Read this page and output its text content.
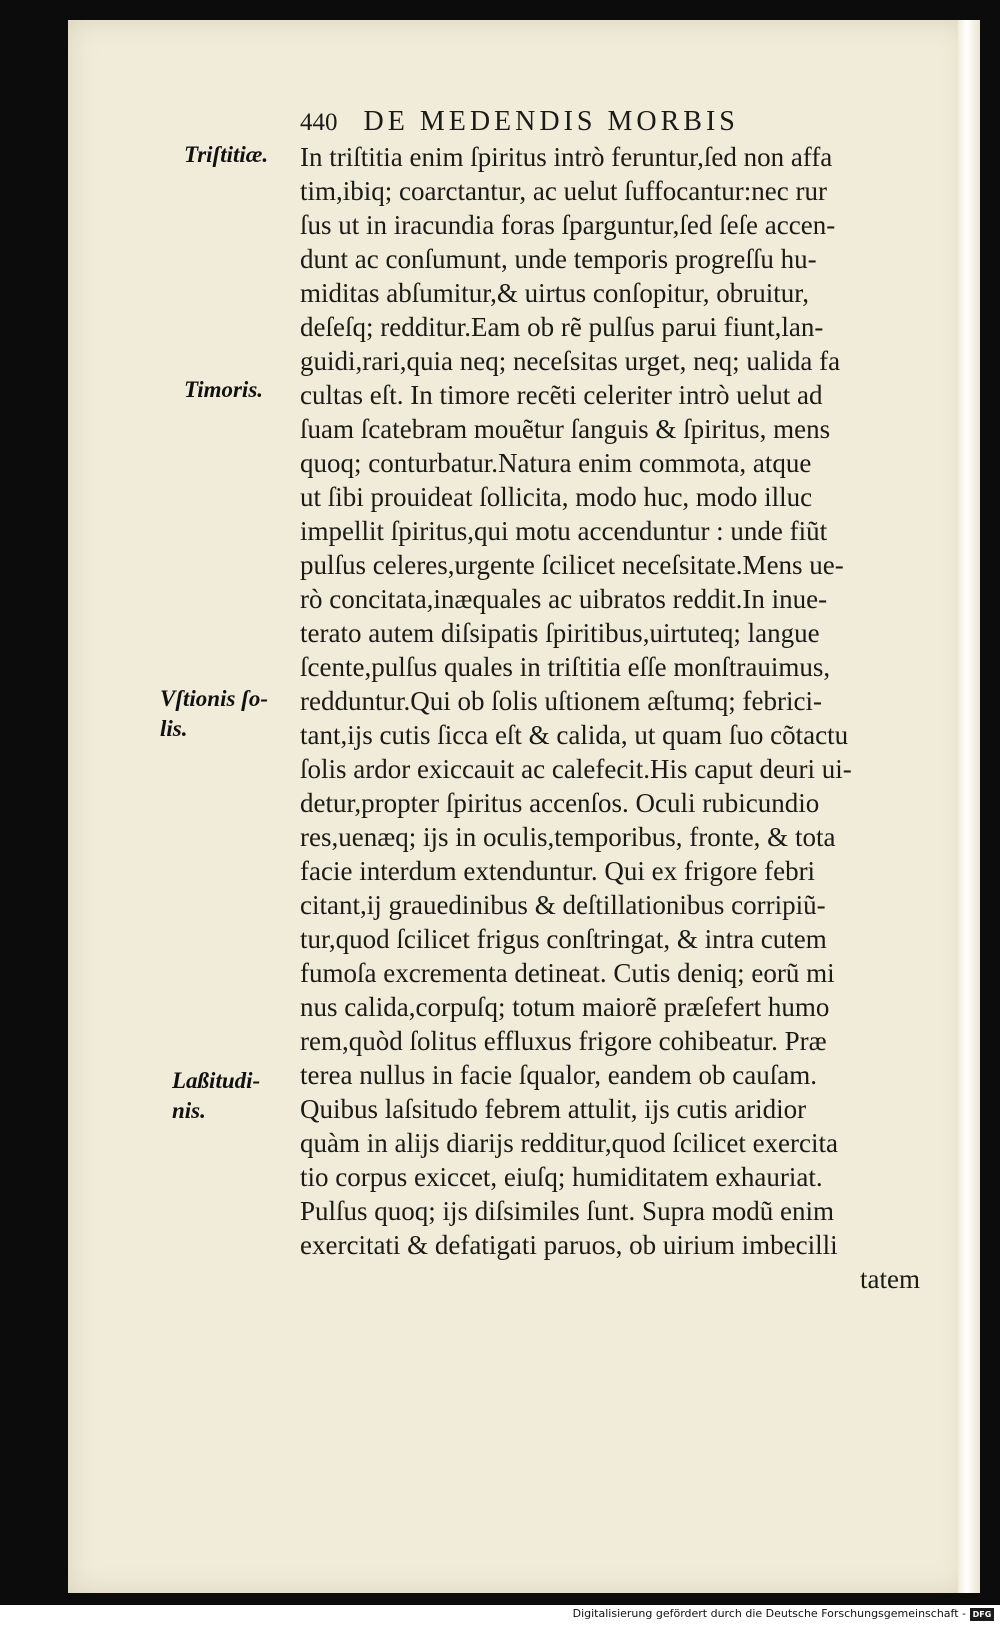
440 DE MEDENDIS MORBIS
Triſtitiæ.
Timoris.
Vſtionis ſo-
lis.
Laßitudi-
nis.
In triſtitia enim ſpiritus intrò feruntur,ſed non affa
tim,ibiq; coarctantur, ac uelut ſuffocantur:nec rur
ſus ut in iracundia foras ſparguntur,ſed ſeſe accen-
dunt ac conſumunt, unde temporis progreſſu hu-
miditas abſumitur,& uirtus conſopitur, obruitur,
deſeſq; redditur.Eam ob rẽ pulſus parui fiunt,lan-
guidi,rari,quia neq; neceſsitas urget, neq; ualida fa
cultas eſt. In timore recẽti celeriter intrò uelut ad
ſuam ſcatebram mouẽtur ſanguis & ſpiritus, mens
quoq; conturbatur.Natura enim commota, atque
ut ſibi prouideat ſollicita, modo huc, modo illuc
impellit ſpiritus,qui motu accenduntur : unde fiũt
pulſus celeres,urgente ſcilicet neceſsitate.Mens ue-
rò concitata,inæquales ac uibratos reddit.In inue-
terato autem diſsipatis ſpiritibus,uirtuteq; langue
ſcente,pulſus quales in triſtitia eſſe monſtrauimus,
redduntur.Qui ob ſolis uſtionem æſtumq; febrici-
tant,ijs cutis ſicca eſt & calida, ut quam ſuo cõtactu
ſolis ardor exiccauit ac calefecit.His caput deuri ui-
detur,propter ſpiritus accenſos. Oculi rubicundio
res,uenæq; ijs in oculis,temporibus, fronte, & tota
facie interdum extenduntur. Qui ex frigore febri
citant,ij grauedinibus & deſtillationibus corripiũ-
tur,quod ſcilicet frigus conſtringat, & intra cutem
fumoſa excrementa detineat. Cutis deniq; eorũ mi
nus calida,corpuſq; totum maiorẽ præſefert humo
rem,quòd ſolitus effluxus frigore cohibeatur. Præ
terea nullus in facie ſqualor, eandem ob cauſam.
Quibus laſsitudo febrem attulit, ijs cutis aridior
quàm in alijs diarijs redditur,quod ſcilicet exercita
tio corpus exiccet, eiuſq; humiditatem exhauriat.
Pulſus quoq; ijs diſsimiles ſunt. Supra modũ enim
exercitati & defatigati paruos, ob uirium imbecilli
tatem
Digitalisierung gefördert durch die Deutsche Forschungsgemeinschaft - DFG
